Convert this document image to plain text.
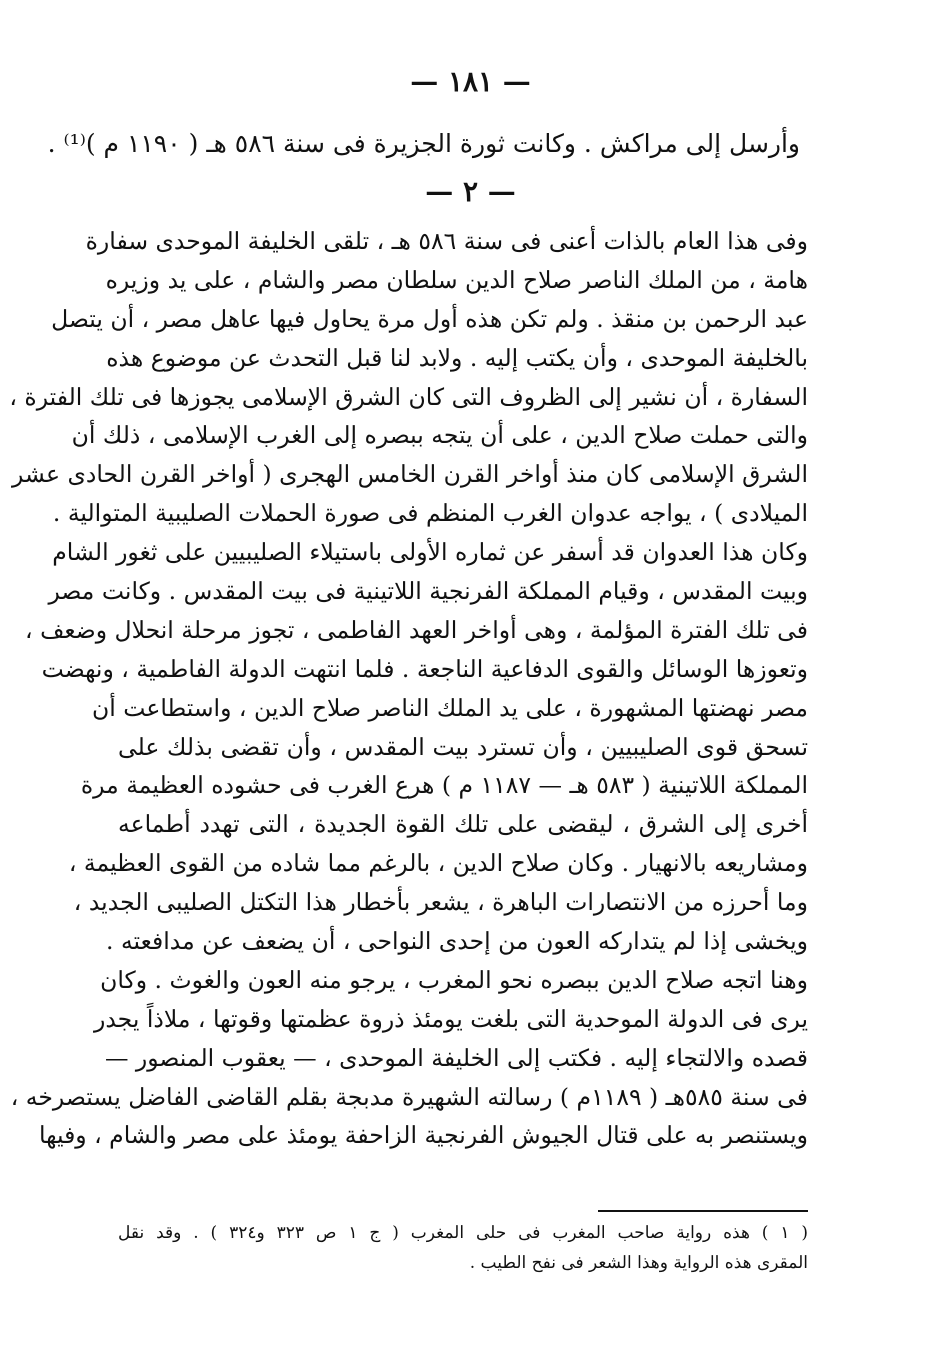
— ١٨١ —
وأرسل إلى مراكش . وكانت ثورة الجزيرة فى سنة ٥٨٦ هـ ( ١١٩٠ م )⁽¹⁾ .
— ٢ —
وفى هذا العام بالذات أعنى فى سنة ٥٨٦ هـ ، تلقى الخليفة الموحدى سفارة
هامة ، من الملك الناصر صلاح الدين سلطان مصر والشام ، على يد وزيره
عبد الرحمن بن منقذ . ولم تكن هذه أول مرة يحاول فيها عاهل مصر ، أن يتصل
بالخليفة الموحدى ، وأن يكتب إليه . ولابد لنا قبل التحدث عن موضوع هذه
السفارة ، أن نشير إلى الظروف التى كان الشرق الإسلامى يجوزها فى تلك الفترة ،
والتى حملت صلاح الدين ، على أن يتجه ببصره إلى الغرب الإسلامى ، ذلك أن
الشرق الإسلامى كان منذ أواخر القرن الخامس الهجرى ( أواخر القرن الحادى عشر
الميلادى ) ، يواجه عدوان الغرب المنظم فى صورة الحملات الصليبية المتوالية .
وكان هذا العدوان قد أسفر عن ثماره الأولى باستيلاء الصليبيين على ثغور الشام
وبيت المقدس ، وقيام المملكة الفرنجية اللاتينية فى بيت المقدس . وكانت مصر
فى تلك الفترة المؤلمة ، وهى أواخر العهد الفاطمى ، تجوز مرحلة انحلال وضعف ،
وتعوزها الوسائل والقوى الدفاعية الناجعة . فلما انتهت الدولة الفاطمية ، ونهضت
مصر نهضتها المشهورة ، على يد الملك الناصر صلاح الدين ، واستطاعت أن
تسحق قوى الصليبيين ، وأن تسترد بيت المقدس ، وأن تقضى بذلك على
المملكة اللاتينية ( ٥٨٣ هـ — ١١٨٧ م ) هرع الغرب فى حشوده العظيمة مرة
أخرى إلى الشرق ، ليقضى على تلك القوة الجديدة ، التى تهدد أطماعه
ومشاريعه بالانهيار . وكان صلاح الدين ، بالرغم مما شاده من القوى العظيمة ،
وما أحرزه من الانتصارات الباهرة ، يشعر بأخطار هذا التكتل الصليبى الجديد ،
ويخشى إذا لم يتداركه العون من إحدى النواحى ، أن يضعف عن مدافعته .
وهنا اتجه صلاح الدين ببصره نحو المغرب ، يرجو منه العون والغوث . وكان
يرى فى الدولة الموحدية التى بلغت يومئذ ذروة عظمتها وقوتها ، ملاذاً يجدر
قصده والالتجاء إليه . فكتب إلى الخليفة الموحدى ، — يعقوب المنصور —
فى سنة ٥٨٥هـ ( ١١٨٩م ) رسالته الشهيرة مدبجة بقلم القاضى الفاضل يستصرخه ،
ويستنصر به على قتال الجيوش الفرنجية الزاحفة يومئذ على مصر والشام ، وفيها
( ١ ) هذه رواية صاحب المغرب فى حلى المغرب ( ج ١ ص ٣٢٣ و٣٢٤ ) . وقد نقل
المقرى هذه الرواية وهذا الشعر فى نفح الطيب .
